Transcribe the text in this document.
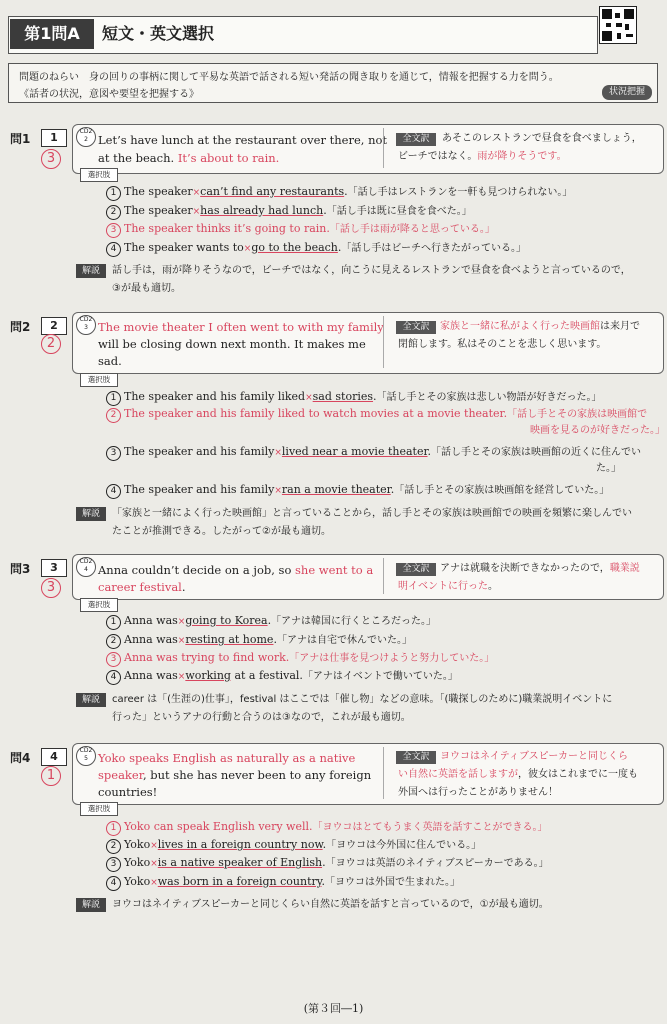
第1問A	短文・英文選択
問題のねらい　身の回りの事柄に関して平易な英語で話される短い発話の聞き取りを通じて，情報を把握する力を問う。
《話者の状況，意図や要望を把握する》	状況把握
問1	1
3
CD2
2 Let’s have lunch at the restaurant over there, not
at the beach. It’s about to rain.
全文訳	あそこのレストランで昼食を食べましょう，
ビーチではなく。雨が降りそうです。
選択肢
1 The speaker×can’t find any restaurants.「話し手はレストランを一軒も見つけられない。」
2 The speaker×has already had lunch.「話し手は既に昼食を食べた。」
3 The speaker thinks it’s going to rain.「話し手は雨が降ると思っている。」
4 The speaker wants to×go to the beach.「話し手はビーチへ行きたがっている。」
解説	話し手は，雨が降りそうなので，ビーチではなく，向こうに見えるレストランで昼食を食べようと言っているので，
③が最も適切。
問2	2
2
CD2
3 The movie theater I often went to with my family
will be closing down next month. It makes me
sad.
全文訳	家族と一緒に私がよく行った映画館は来月で
閉館します。私はそのことを悲しく思います。
選択肢
1 The speaker and his family liked×sad stories.「話し手とその家族は悲しい物語が好きだった。」
2 The speaker and his family liked to watch movies at a movie theater.「話し手とその家族は映画館で
映画を見るのが好きだった。」
3 The speaker and his family×lived near a movie theater.「話し手とその家族は映画館の近くに住んでい
た。」
4 The speaker and his family×ran a movie theater.「話し手とその家族は映画館を経営していた。」
解説	「家族と一緒によく行った映画館」と言っていることから，話し手とその家族は映画館での映画を頻繁に楽しんでい
たことが推測できる。したがって②が最も適切。
問3	3
3
CD2
4 Anna couldn’t decide on a job, so she went to a
career festival.
全文訳	アナは就職を決断できなかったので，職業説
明イベントに行った。
選択肢
1 Anna was×going to Korea.「アナは韓国に行くところだった。」
2 Anna was×resting at home.「アナは自宅で休んでいた。」
3 Anna was trying to find work.「アナは仕事を見つけようと努力していた。」
4 Anna was×working at a festival.「アナはイベントで働いていた。」
解説	career は「(生涯の)仕事」，festival はここでは「催し物」などの意味。「(職探しのために)職業説明イベントに
行った」というアナの行動と合うのは③なので，これが最も適切。
問4	4
1
CD2
5 Yoko speaks English as naturally as a native
speaker, but she has never been to any foreign
countries!
全文訳	ヨウコはネイティブスピーカーと同じくら
い自然に英語を話しますが，彼女はこれまでに一度も
外国へは行ったことがありません！
選択肢
1 Yoko can speak English very well.「ヨウコはとてもうまく英語を話すことができる。」
2 Yoko×lives in a foreign country now.「ヨウコは今外国に住んでいる。」
3 Yoko×is a native speaker of English.「ヨウコは英語のネイティブスピーカーである。」
4 Yoko×was born in a foreign country.「ヨウコは外国で生まれた。」
解説	ヨウコはネイティブスピーカーと同じくらい自然に英語を話すと言っているので，①が最も適切。
(第３回―1)
